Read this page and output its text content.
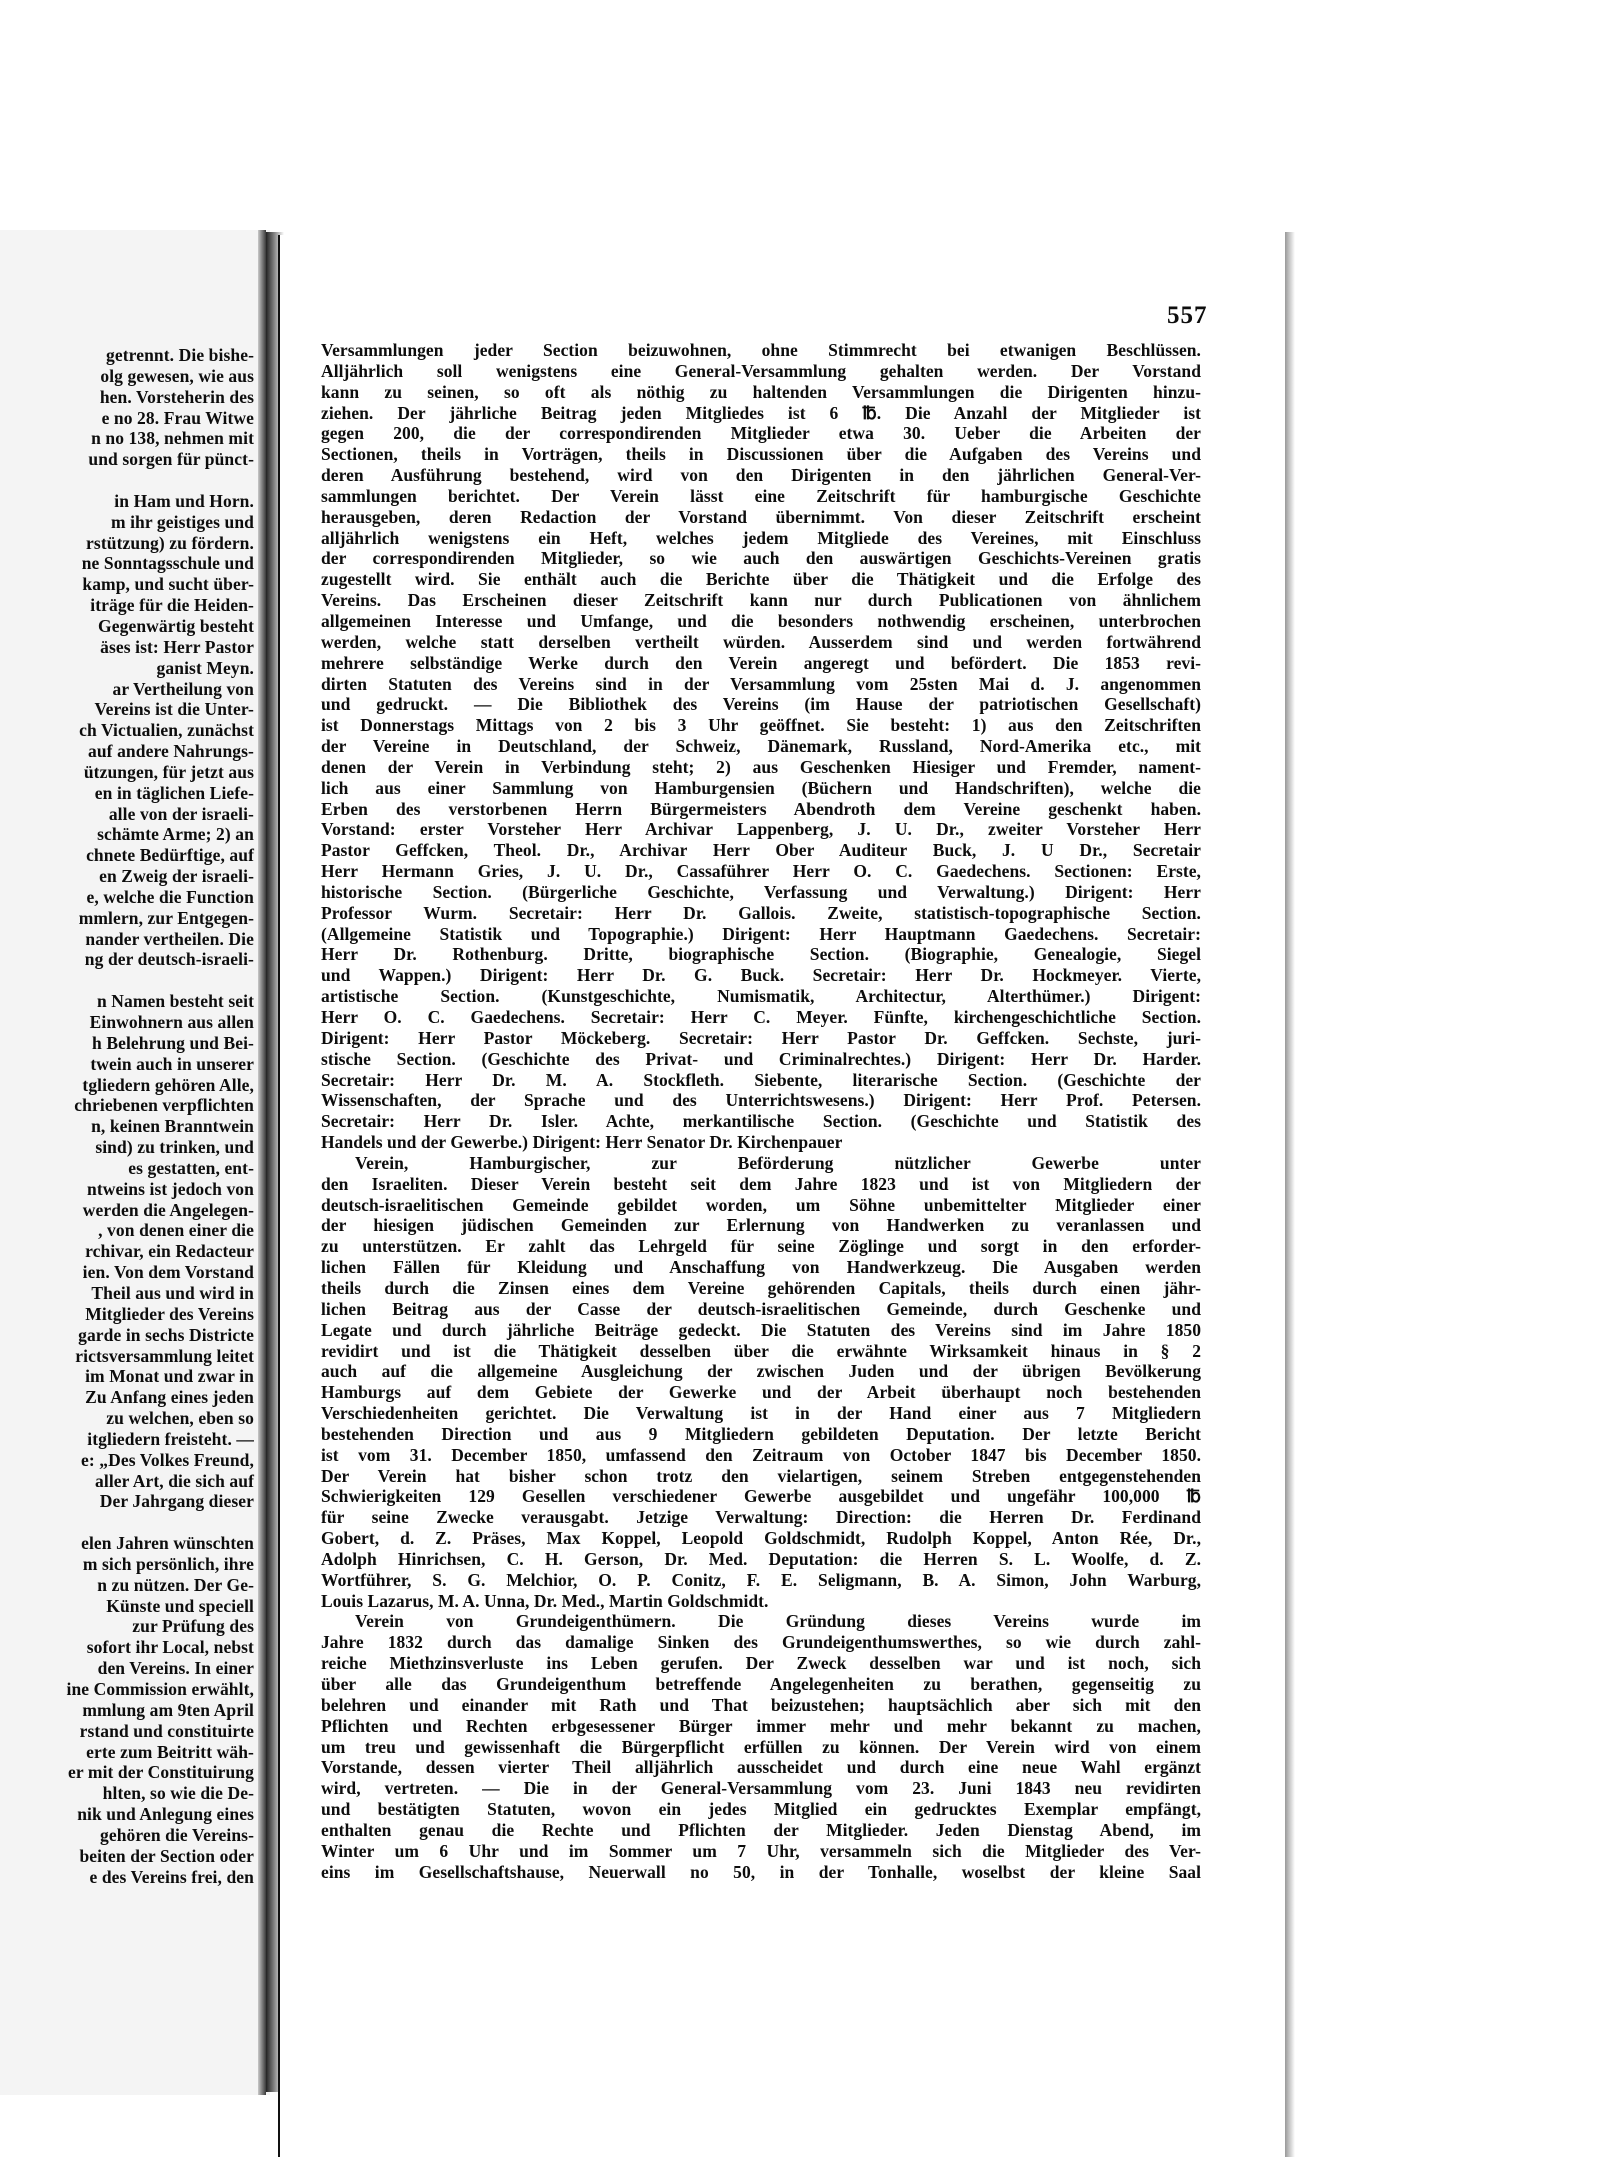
getrennt. Die bishe-
olg gewesen, wie aus
hen. Vorsteherin des
e no 28. Frau Witwe
n no 138, nehmen mit
und sorgen für pünct-

in Ham und Horn.
m ihr geistiges und
rstützung) zu fördern.
ne Sonntagsschule und
kamp, und sucht über-
iträge für die Heiden-
Gegenwärtig besteht
äses ist: Herr Pastor
ganist Meyn.
ar Vertheilung von
Vereins ist die Unter-
ch Victualien, zunächst
auf andere Nahrungs-
ützungen, für jetzt aus
en in täglichen Liefe-
alle von der israeli-
schämte Arme; 2) an
chnete Bedürftige, auf
en Zweig der israeli-
e, welche die Function
mmlern, zur Entgegen-
nander vertheilen. Die
ng der deutsch-israeli-

n Namen besteht seit
Einwohnern aus allen
h Belehrung und Bei-
twein auch in unserer
tgliedern gehören Alle,
chriebenen verpflichten
n, keinen Branntwein
sind) zu trinken, und
es gestatten, ent-
ntweins ist jedoch von
werden die Angelegen-
, von denen einer die
rchivar, ein Redacteur
ien. Von dem Vorstand
Theil aus und wird in
Mitglieder des Vereins
garde in sechs Districte
rictsversammlung leitet
im Monat und zwar in
Zu Anfang eines jeden
zu welchen, eben so
itgliedern freisteht. —
e: „Des Volkes Freund,
aller Art, die sich auf
Der Jahrgang dieser

elen Jahren wünschten
m sich persönlich, ihre
n zu nützen. Der Ge-
Künste und speciell
zur Prüfung des
sofort ihr Local, nebst
den Vereins. In einer
ine Commission erwählt,
mmlung am 9ten April
rstand und constituirte
erte zum Beitritt wäh-
er mit der Constituirung
hlten, so wie die De-
nik und Anlegung eines
gehören die Vereins-
beiten der Section oder
e des Vereins frei, den
557
Versammlungen jeder Section beizuwohnen, ohne Stimmrecht bei etwanigen Beschlüssen.
Alljährlich soll wenigstens eine General-Versammlung gehalten werden. Der Vorstand
kann zu seinen, so oft als nöthig zu haltenden Versammlungen die Dirigenten hinzu-
ziehen. Der jährliche Beitrag jeden Mitgliedes ist 6 ℔. Die Anzahl der Mitglieder ist
gegen 200, die der correspondirenden Mitglieder etwa 30. Ueber die Arbeiten der
Sectionen, theils in Vorträgen, theils in Discussionen über die Aufgaben des Vereins und
deren Ausführung bestehend, wird von den Dirigenten in den jährlichen General-Ver-
sammlungen berichtet. Der Verein lässt eine Zeitschrift für hamburgische Geschichte
herausgeben, deren Redaction der Vorstand übernimmt. Von dieser Zeitschrift erscheint
alljährlich wenigstens ein Heft, welches jedem Mitgliede des Vereines, mit Einschluss
der correspondirenden Mitglieder, so wie auch den auswärtigen Geschichts-Vereinen gratis
zugestellt wird. Sie enthält auch die Berichte über die Thätigkeit und die Erfolge des
Vereins. Das Erscheinen dieser Zeitschrift kann nur durch Publicationen von ähnlichem
allgemeinen Interesse und Umfange, und die besonders nothwendig erscheinen, unterbrochen
werden, welche statt derselben vertheilt würden. Ausserdem sind und werden fortwährend
mehrere selbständige Werke durch den Verein angeregt und befördert. Die 1853 revi-
dirten Statuten des Vereins sind in der Versammlung vom 25sten Mai d. J. angenommen
und gedruckt. — Die Bibliothek des Vereins (im Hause der patriotischen Gesellschaft)
ist Donnerstags Mittags von 2 bis 3 Uhr geöffnet. Sie besteht: 1) aus den Zeitschriften
der Vereine in Deutschland, der Schweiz, Dänemark, Russland, Nord-Amerika etc., mit
denen der Verein in Verbindung steht; 2) aus Geschenken Hiesiger und Fremder, nament-
lich aus einer Sammlung von Hamburgensien (Büchern und Handschriften), welche die
Erben des verstorbenen Herrn Bürgermeisters Abendroth dem Vereine geschenkt haben.
Vorstand: erster Vorsteher Herr Archivar Lappenberg, J. U. Dr., zweiter Vorsteher Herr
Pastor Geffcken, Theol. Dr., Archivar Herr Ober Auditeur Buck, J. U Dr., Secretair
Herr Hermann Gries, J. U. Dr., Cassaführer Herr O. C. Gaedechens. Sectionen: Erste,
historische Section. (Bürgerliche Geschichte, Verfassung und Verwaltung.) Dirigent: Herr
Professor Wurm. Secretair: Herr Dr. Gallois. Zweite, statistisch-topographische Section.
(Allgemeine Statistik und Topographie.) Dirigent: Herr Hauptmann Gaedechens. Secretair:
Herr Dr. Rothenburg. Dritte, biographische Section. (Biographie, Genealogie, Siegel
und Wappen.) Dirigent: Herr Dr. G. Buck. Secretair: Herr Dr. Hockmeyer. Vierte,
artistische Section. (Kunstgeschichte, Numismatik, Architectur, Alterthümer.) Dirigent:
Herr O. C. Gaedechens. Secretair: Herr C. Meyer. Fünfte, kirchengeschichtliche Section.
Dirigent: Herr Pastor Möckeberg. Secretair: Herr Pastor Dr. Geffcken. Sechste, juri-
stische Section. (Geschichte des Privat- und Criminalrechtes.) Dirigent: Herr Dr. Harder.
Secretair: Herr Dr. M. A. Stockfleth. Siebente, literarische Section. (Geschichte der
Wissenschaften, der Sprache und des Unterrichtswesens.) Dirigent: Herr Prof. Petersen.
Secretair: Herr Dr. Isler. Achte, merkantilische Section. (Geschichte und Statistik des
Handels und der Gewerbe.) Dirigent: Herr Senator Dr. Kirchenpauer
Verein, Hamburgischer, zur Beförderung nützlicher Gewerbe unter
den Israeliten. Dieser Verein besteht seit dem Jahre 1823 und ist von Mitgliedern der
deutsch-israelitischen Gemeinde gebildet worden, um Söhne unbemittelter Mitglieder einer
der hiesigen jüdischen Gemeinden zur Erlernung von Handwerken zu veranlassen und
zu unterstützen. Er zahlt das Lehrgeld für seine Zöglinge und sorgt in den erforder-
lichen Fällen für Kleidung und Anschaffung von Handwerkzeug. Die Ausgaben werden
theils durch die Zinsen eines dem Vereine gehörenden Capitals, theils durch einen jähr-
lichen Beitrag aus der Casse der deutsch-israelitischen Gemeinde, durch Geschenke und
Legate und durch jährliche Beiträge gedeckt. Die Statuten des Vereins sind im Jahre 1850
revidirt und ist die Thätigkeit desselben über die erwähnte Wirksamkeit hinaus in § 2
auch auf die allgemeine Ausgleichung der zwischen Juden und der übrigen Bevölkerung
Hamburgs auf dem Gebiete der Gewerke und der Arbeit überhaupt noch bestehenden
Verschiedenheiten gerichtet. Die Verwaltung ist in der Hand einer aus 7 Mitgliedern
bestehenden Direction und aus 9 Mitgliedern gebildeten Deputation. Der letzte Bericht
ist vom 31. December 1850, umfassend den Zeitraum von October 1847 bis December 1850.
Der Verein hat bisher schon trotz den vielartigen, seinem Streben entgegenstehenden
Schwierigkeiten 129 Gesellen verschiedener Gewerbe ausgebildet und ungefähr 100,000 ℔
für seine Zwecke verausgabt. Jetzige Verwaltung: Direction: die Herren Dr. Ferdinand
Gobert, d. Z. Präses, Max Koppel, Leopold Goldschmidt, Rudolph Koppel, Anton Rée, Dr.,
Adolph Hinrichsen, C. H. Gerson, Dr. Med. Deputation: die Herren S. L. Woolfe, d. Z.
Wortführer, S. G. Melchior, O. P. Conitz, F. E. Seligmann, B. A. Simon, John Warburg,
Louis Lazarus, M. A. Unna, Dr. Med., Martin Goldschmidt.
Verein von Grundeigenthümern. Die Gründung dieses Vereins wurde im
Jahre 1832 durch das damalige Sinken des Grundeigenthumswerthes, so wie durch zahl-
reiche Miethzinsverluste ins Leben gerufen. Der Zweck desselben war und ist noch, sich
über alle das Grundeigenthum betreffende Angelegenheiten zu berathen, gegenseitig zu
belehren und einander mit Rath und That beizustehen; hauptsächlich aber sich mit den
Pflichten und Rechten erbgesessener Bürger immer mehr und mehr bekannt zu machen,
um treu und gewissenhaft die Bürgerpflicht erfüllen zu können. Der Verein wird von einem
Vorstande, dessen vierter Theil alljährlich ausscheidet und durch eine neue Wahl ergänzt
wird, vertreten. — Die in der General-Versammlung vom 23. Juni 1843 neu revidirten
und bestätigten Statuten, wovon ein jedes Mitglied ein gedrucktes Exemplar empfängt,
enthalten genau die Rechte und Pflichten der Mitglieder. Jeden Dienstag Abend, im
Winter um 6 Uhr und im Sommer um 7 Uhr, versammeln sich die Mitglieder des Ver-
eins im Gesellschaftshause, Neuerwall no 50, in der Tonhalle, woselbst der kleine Saal
